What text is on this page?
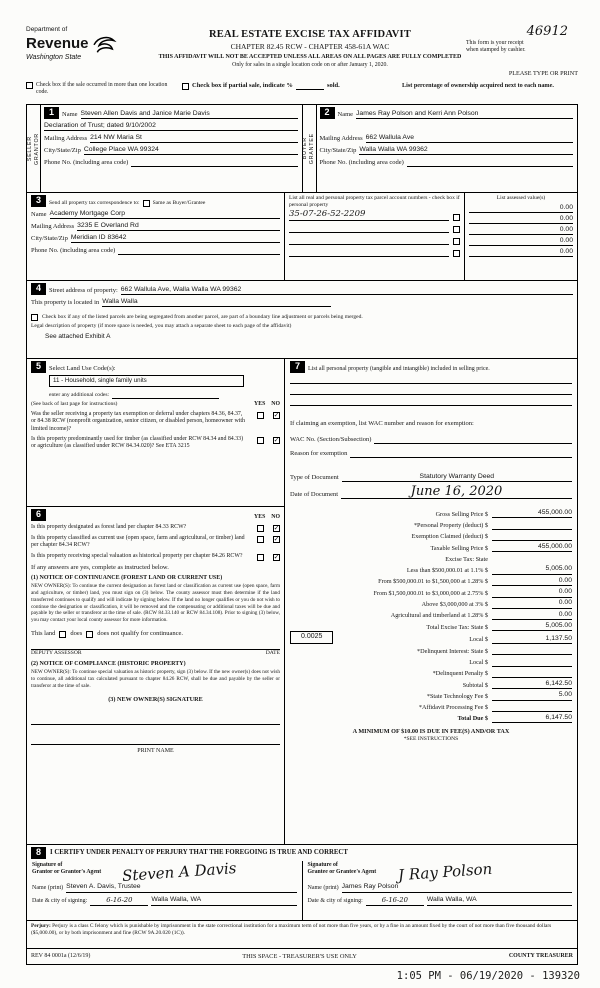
Department of
Revenue
Washington State
REAL ESTATE EXCISE TAX AFFIDAVIT
CHAPTER 82.45 RCW - CHAPTER 458-61A WAC
THIS AFFIDAVIT WILL NOT BE ACCEPTED UNLESS ALL AREAS ON ALL PAGES ARE FULLY COMPLETED
Only for sales in a single location code on or after January 1, 2020.
46912
This form is your receipt
when stamped by cashier.
PLEASE TYPE OR PRINT
Check box if the sale occurred in more than one location code.
Check box if partial sale, indicate %	sold.	List percentage of ownership acquired next to each name.
SELLER GRANTOR
1	Name Steven Allen Davis and Janice Marie Davis
Declaration of Trust; dated 9/10/2002
Mailing Address 214 NW Maria St
City/State/Zip College Place WA 99324
Phone No. (including area code)
BUYER GRANTEE
2	Name James Ray Polson and Kerri Ann Polson
Mailing Address 662 Wallula Ave
City/State/Zip Walla Walla WA 99362
Phone No. (including area code)
3	Send all property tax correspondence to: Same as Buyer/Grantee
Name Academy Mortgage Corp
Mailing Address 3235 E Overland Rd
City/State/Zip Meridian ID 83642
Phone No. (including area code)
List all real and personal property tax parcel account numbers - check box if personal property
35-07-26-52-2209
List assessed value(s)
0.00
0.00
0.00
0.00
0.00
4	Street address of property: 662 Wallula Ave, Walla Walla WA 99362
This property is located in Walla Walla
Check box if any of the listed parcels are being segregated from another parcel, are part of a boundary line adjustment or parcels being merged.
Legal description of property (if more space is needed, you may attach a separate sheet to each page of the affidavit)
See attached Exhibit A
5	Select Land Use Code(s):
11 - Household, single family units
enter any additional codes:
(See back of last page for instructions)	YES NO
Was the seller receiving a property tax exemption or deferral under chapters 84.36, 84.37, or 84.38 RCW (nonprofit organization, senior citizen, or disabled person, homeowner with limited income)?
✓
Is this property predominantly used for timber (as classified under RCW 84.34 and 84.33) or agriculture (as classified under RCW 84.34.020)? See ETA 3215
✓
6	YES NO
Is this property designated as forest land per chapter 84.33 RCW?	✓
Is this property classified as current use (open space, farm and agricultural, or timber) land per chapter 84.34 RCW?
✓
Is this property receiving special valuation as historical property per chapter 84.26 RCW?	✓
If any answers are yes, complete as instructed below.
(1) NOTICE OF CONTINUANCE (FOREST LAND OR CURRENT USE)
NEW OWNER(S): To continue the current designation as forest land or classification as current use (open space, farm and agriculture, or timber) land, you must sign on (3) below. The county assessor must then determine if the land transferred continues to qualify and will indicate by signing below. If the land no longer qualifies or you do not wish to continue the designation or classification, it will be removed and the compensating or additional taxes will be due and payable by the seller or transferor at the time of sale. (RCW 84.33.140 or RCW 84.34.108). Prior to signing (3) below, you may contact your local county assessor for more information.
This land does does not qualify for continuance.
DEPUTY ASSESSOR	DATE
(2) NOTICE OF COMPLIANCE (HISTORIC PROPERTY)
NEW OWNER(S): To continue special valuation as historic property, sign (3) below. If the new owner(s) does not wish to continue, all additional tax calculated pursuant to chapter 84.26 RCW, shall be due and payable by the seller or transferor at the time of sale.
(3) NEW OWNER(S) SIGNATURE
PRINT NAME
7	List all personal property (tangible and intangible) included in selling price.
If claiming an exemption, list WAC number and reason for exemption:
WAC No. (Section/Subsection)
Reason for exemption
Type of Document	Statutory Warranty Deed
Date of Document	June 16, 2020
Gross Selling Price $	455,000.00
*Personal Property (deduct) $
Exemption Claimed (deduct) $
Taxable Selling Price $	455,000.00
Excise Tax: State
Less than $500,000.01 at 1.1% $	5,005.00
From $500,000.01 to $1,500,000 at 1.28% $	0.00
From $1,500,000.01 to $3,000,000 at 2.75% $	0.00
Above $3,000,000 at 3% $	0.00
Agricultural and timberland at 1.28% $	0.00
Total Excise Tax: State $	5,005.00
0.0025	Local $	1,137.50
*Delinquent Interest: State $
Local $
*Delinquent Penalty $
Subtotal $	6,142.50
*State Technology Fee $	5.00
*Affidavit Processing Fee $
Total Due $	6,147.50
A MINIMUM OF $10.00 IS DUE IN FEE(S) AND/OR TAX
*SEE INSTRUCTIONS
8	I CERTIFY UNDER PENALTY OF PERJURY THAT THE FOREGOING IS TRUE AND CORRECT
Signature of
Grantor or Grantor's Agent	Steven A Davis
Name (print) Steven A. Davis, Trustee
Date & city of signing:	6-16-20	Walla Walla, WA
Signature of
Grantee or Grantee's Agent	J Ray Polson
Name (print) James Ray Polson
Date & city of signing:	6-16-20	Walla Walla, WA
Perjury: Perjury is a class C felony which is punishable by imprisonment in the state correctional institution for a maximum term of not more than five years, or by a fine in an amount fixed by the court of not more than five thousand dollars ($5,000.00), or by both imprisonment and fine (RCW 9A.20.020 (1C)).
REV 84 0001a (12/6/19)	THIS SPACE - TREASURER'S USE ONLY	COUNTY TREASURER
1:05 PM - 06/19/2020 - 139320
